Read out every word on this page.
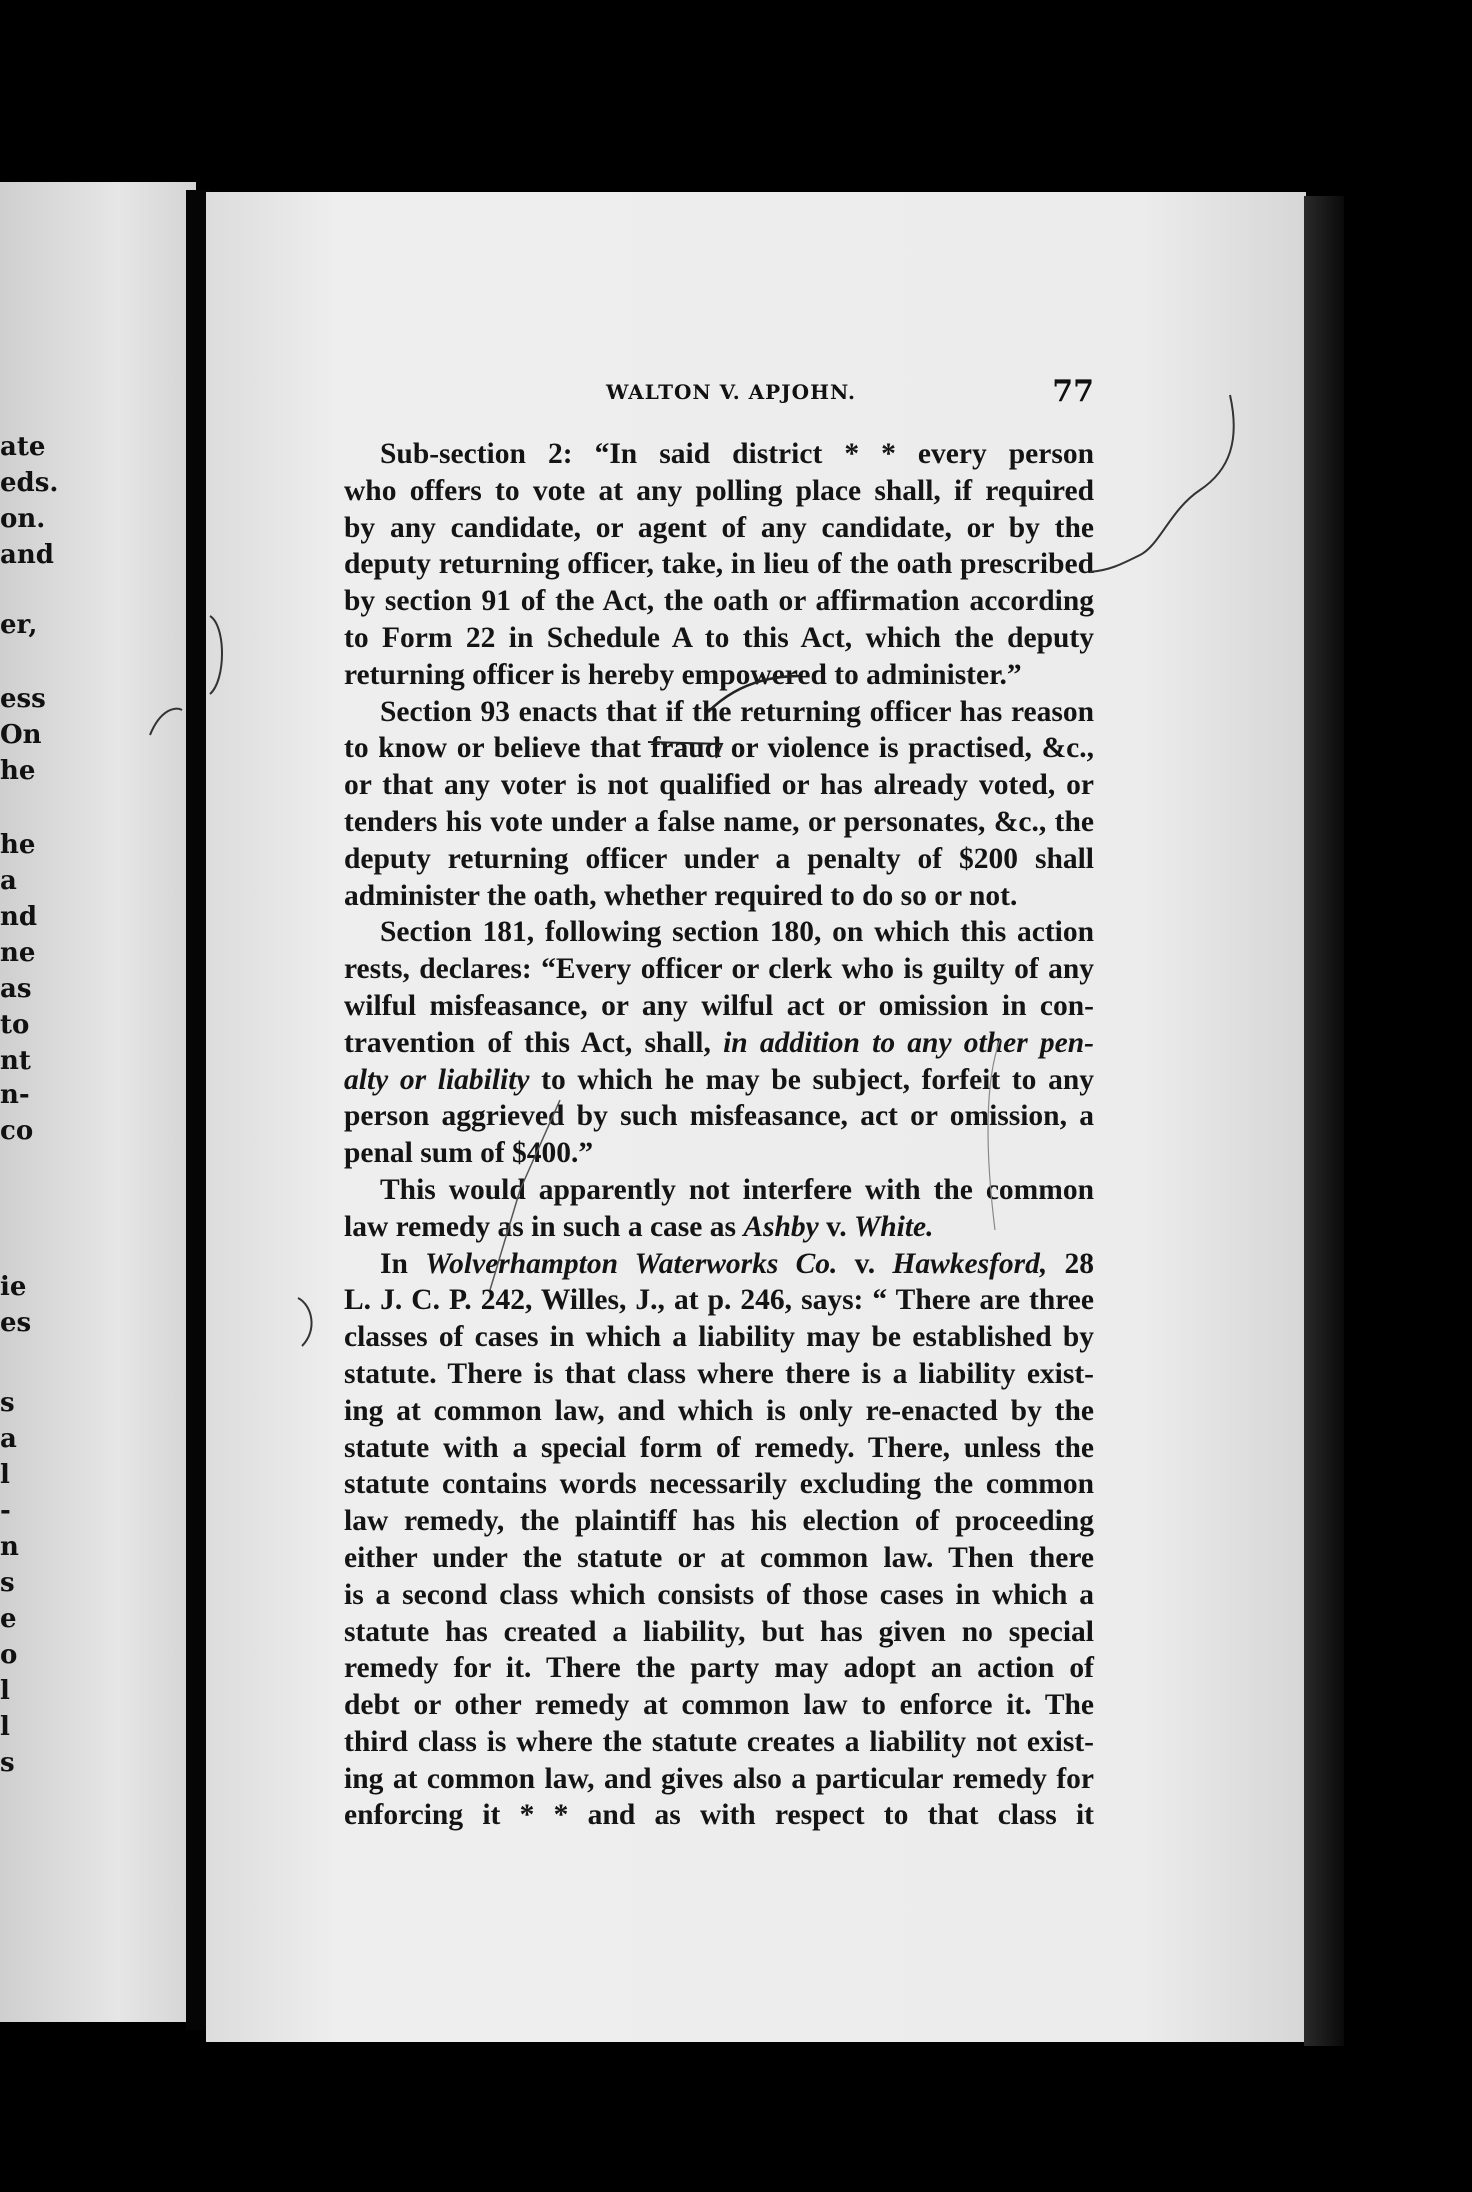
ate
eds.
on.
and
er,
ess
On
he
he
a
nd
ne
as
to
nt
n-
co
ie
es
s
a
l
-
n
s
e
o
l
l
s
WALTON V. APJOHN.	77
Sub-section 2: “In said district * * every person
who offers to vote at any polling place shall, if required
by any candidate, or agent of any candidate, or by the
deputy returning officer, take, in lieu of the oath prescribed
by section 91 of the Act, the oath or affirmation according
to Form 22 in Schedule A to this Act, which the deputy
returning officer is hereby empowered to administer.”
Section 93 enacts that if the returning officer has reason
to know or believe that fraud or violence is practised, &c.,
or that any voter is not qualified or has already voted, or
tenders his vote under a false name, or personates, &c., the
deputy returning officer under a penalty of $200 shall
administer the oath, whether required to do so or not.
Section 181, following section 180, on which this action
rests, declares: “Every officer or clerk who is guilty of any
wilful misfeasance, or any wilful act or omission in con-
travention of this Act, shall, in addition to any other pen-
alty or liability to which he may be subject, forfeit to any
person aggrieved by such misfeasance, act or omission, a
penal sum of $400.”
This would apparently not interfere with the common
law remedy as in such a case as Ashby v. White.
In Wolverhampton Waterworks Co. v. Hawkesford, 28
L. J. C. P. 242, Willes, J., at p. 246, says: “ There are three
classes of cases in which a liability may be established by
statute. There is that class where there is a liability exist-
ing at common law, and which is only re-enacted by the
statute with a special form of remedy. There, unless the
statute contains words necessarily excluding the common
law remedy, the plaintiff has his election of proceeding
either under the statute or at common law. Then there
is a second class which consists of those cases in which a
statute has created a liability, but has given no special
remedy for it. There the party may adopt an action of
debt or other remedy at common law to enforce it. The
third class is where the statute creates a liability not exist-
ing at common law, and gives also a particular remedy for
enforcing it * * and as with respect to that class it
